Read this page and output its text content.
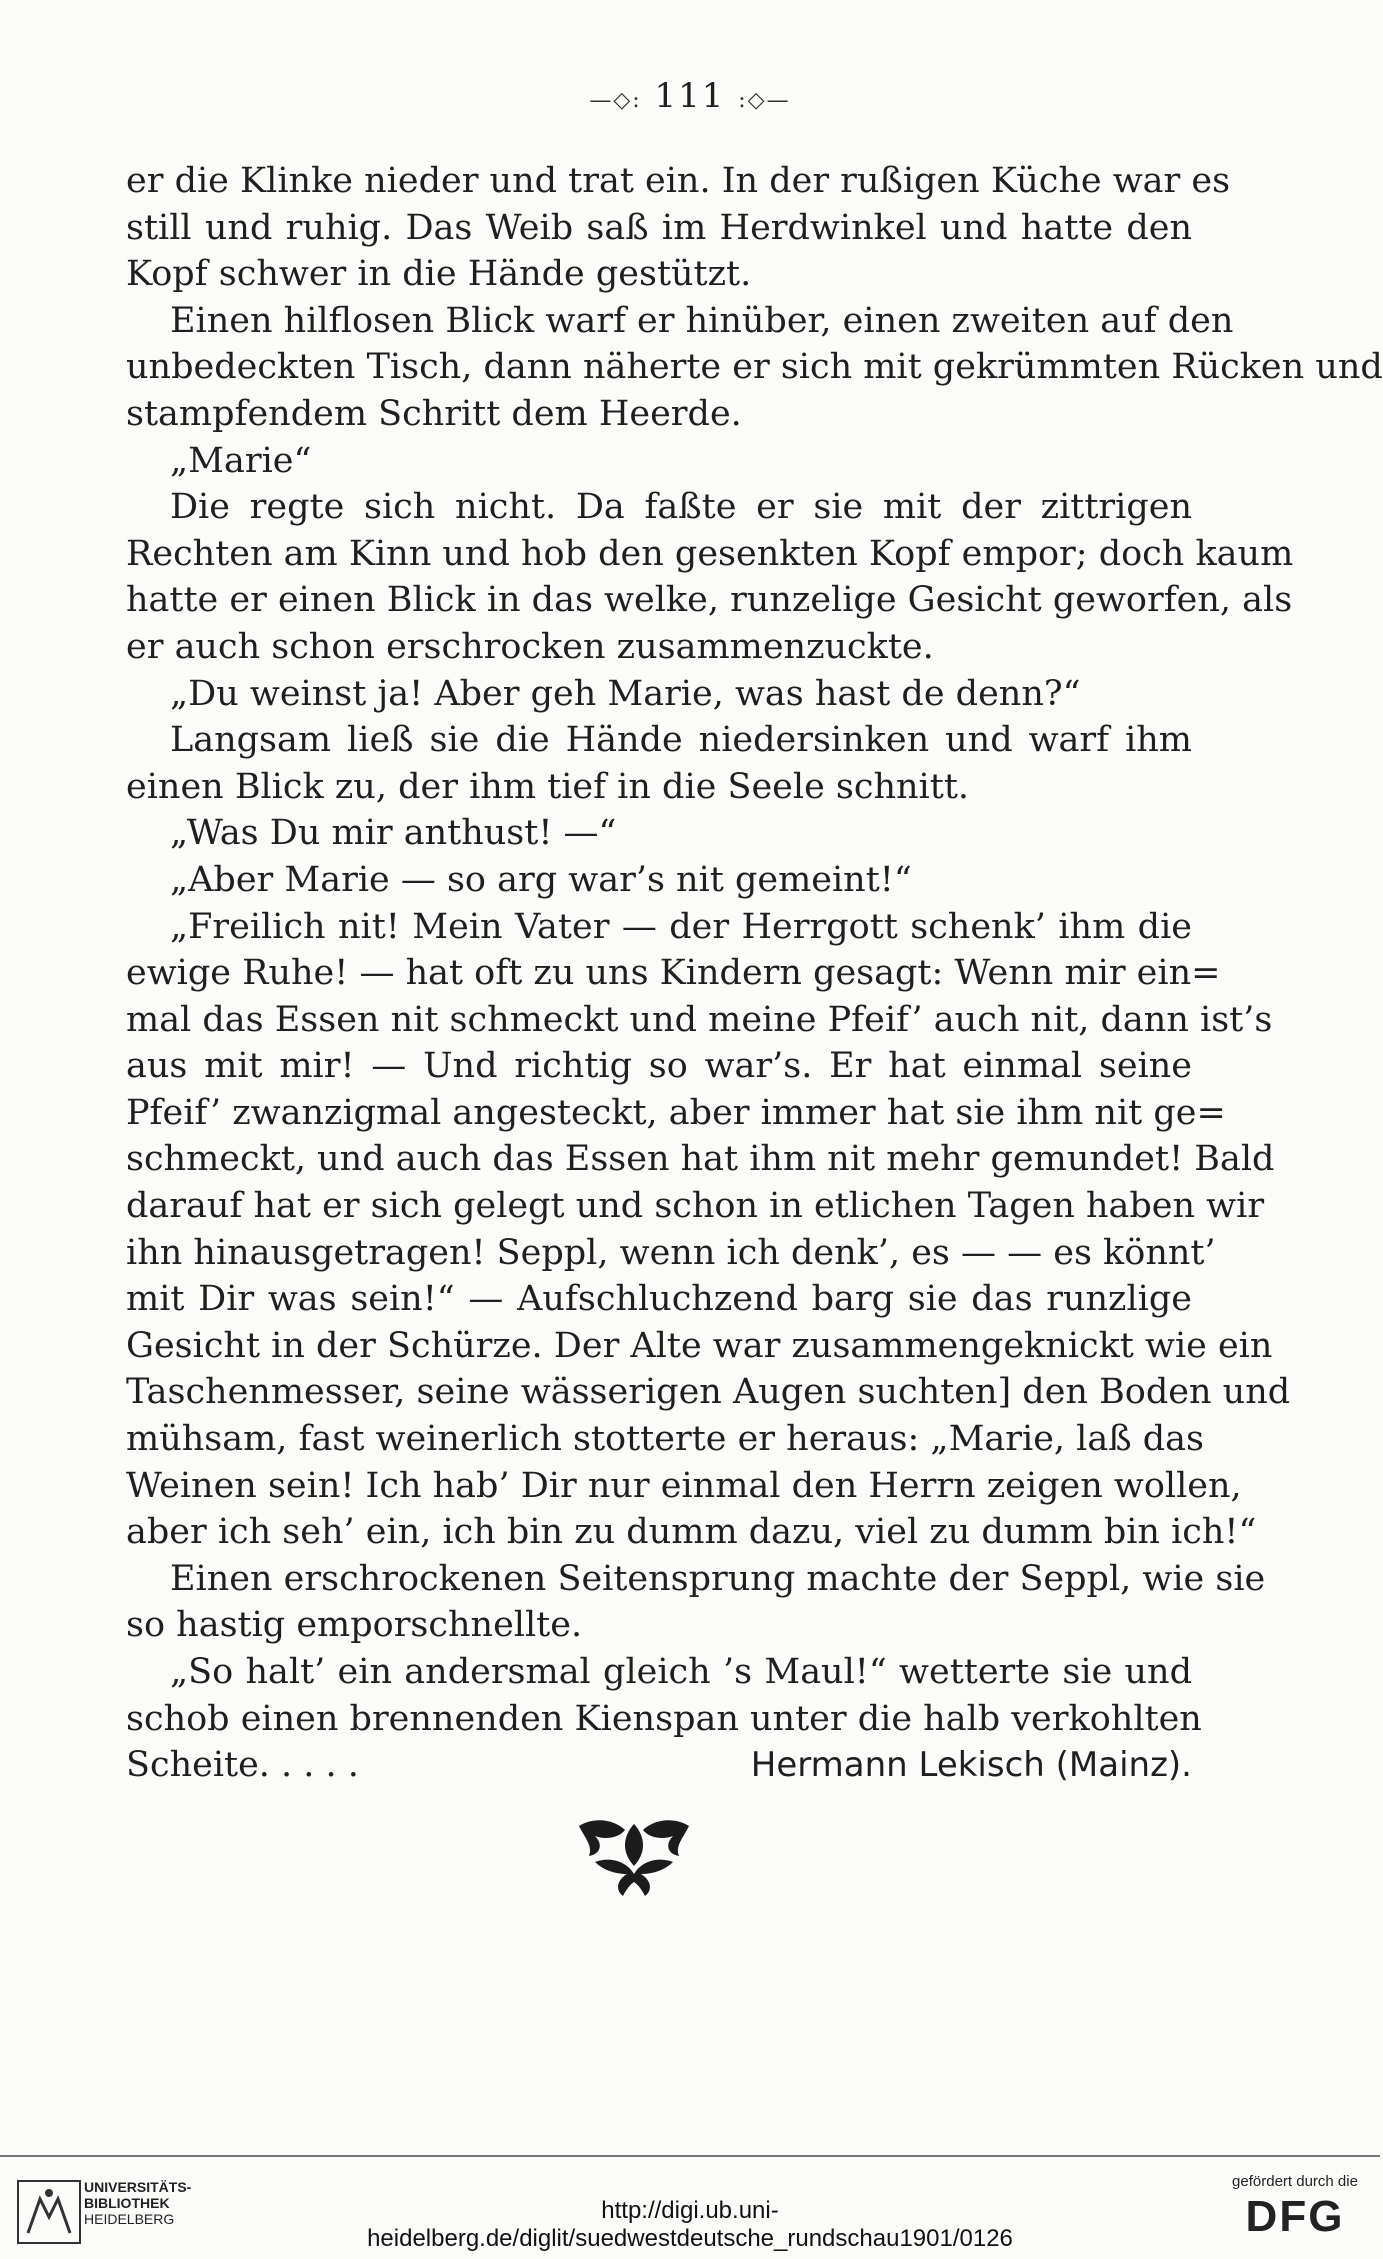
—◇: 111 :◇—
er die Klinke nieder und trat ein. In der rußigen Küche war es
still und ruhig. Das Weib saß im Herdwinkel und hatte den
Kopf schwer in die Hände gestützt.
Einen hilflosen Blick warf er hinüber, einen zweiten auf den
unbedeckten Tisch, dann näherte er sich mit gekrümmten Rücken und
stampfendem Schritt dem Heerde.
„Marie“
Die regte sich nicht. Da faßte er sie mit der zittrigen
Rechten am Kinn und hob den gesenkten Kopf empor; doch kaum
hatte er einen Blick in das welke, runzelige Gesicht geworfen, als
er auch schon erschrocken zusammenzuckte.
„Du weinst ja! Aber geh Marie, was hast de denn?“
Langsam ließ sie die Hände niedersinken und warf ihm
einen Blick zu, der ihm tief in die Seele schnitt.
„Was Du mir anthust! —“
„Aber Marie — so arg war’s nit gemeint!“
„Freilich nit! Mein Vater — der Herrgott schenk’ ihm die
ewige Ruhe! — hat oft zu uns Kindern gesagt: Wenn mir ein=
mal das Essen nit schmeckt und meine Pfeif’ auch nit, dann ist’s
aus mit mir! — Und richtig so war’s. Er hat einmal seine
Pfeif’ zwanzigmal angesteckt, aber immer hat sie ihm nit ge=
schmeckt, und auch das Essen hat ihm nit mehr gemundet! Bald
darauf hat er sich gelegt und schon in etlichen Tagen haben wir
ihn hinausgetragen! Seppl, wenn ich denk’, es — — es könnt’
mit Dir was sein!“ — Aufschluchzend barg sie das runzlige
Gesicht in der Schürze. Der Alte war zusammengeknickt wie ein
Taschenmesser, seine wässerigen Augen suchten] den Boden und
mühsam, fast weinerlich stotterte er heraus: „Marie, laß das
Weinen sein! Ich hab’ Dir nur einmal den Herrn zeigen wollen,
aber ich seh’ ein, ich bin zu dumm dazu, viel zu dumm bin ich!“
Einen erschrockenen Seitensprung machte der Seppl, wie sie
so hastig emporschnellte.
„So halt’ ein andersmal gleich ’s Maul!“ wetterte sie und
schob einen brennenden Kienspan unter die halb verkohlten
Scheite. . . . .	Hermann Lekisch (Mainz).
UNIVERSITÄTS-
BIBLIOTHEK
HEIDELBERG	http://digi.ub.uni-heidelberg.de/diglit/suedwestdeutsche_rundschau1901/0126
gefördert durch die
DFG
